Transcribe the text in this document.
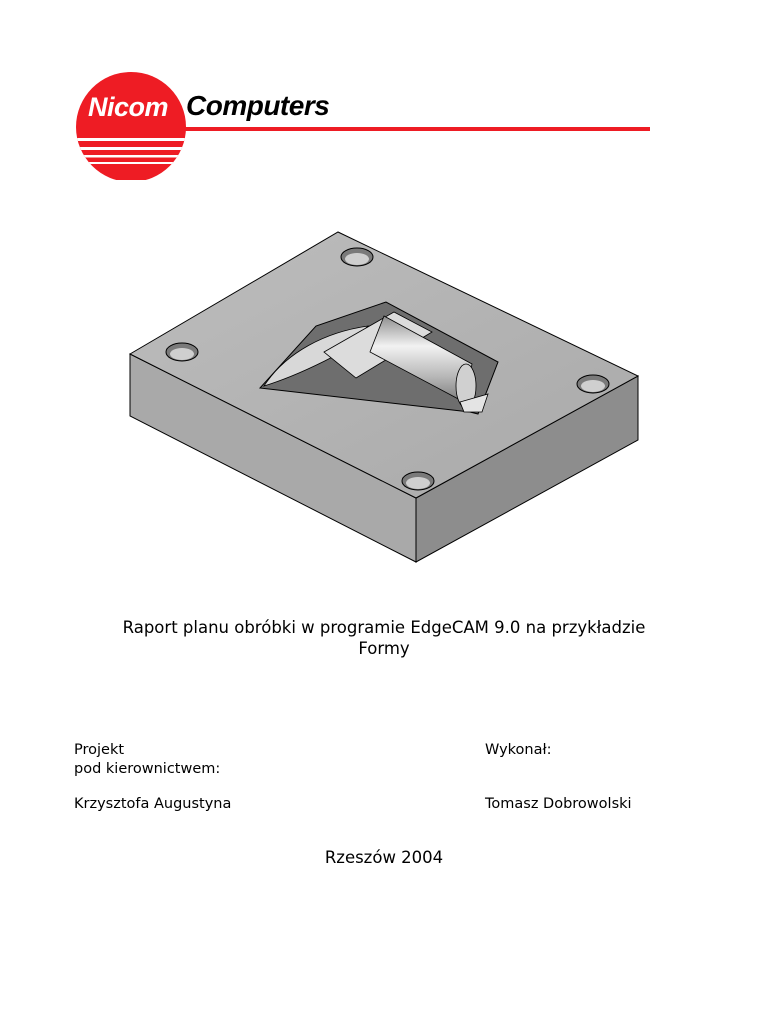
Nicom Computers
Raport planu obróbki w programie EdgeCAM 9.0 na przykładzie
Formy
Projekt
pod kierownictwem:
Krzysztofa Augustyna
Wykonał:
Tomasz Dobrowolski
Rzeszów 2004
